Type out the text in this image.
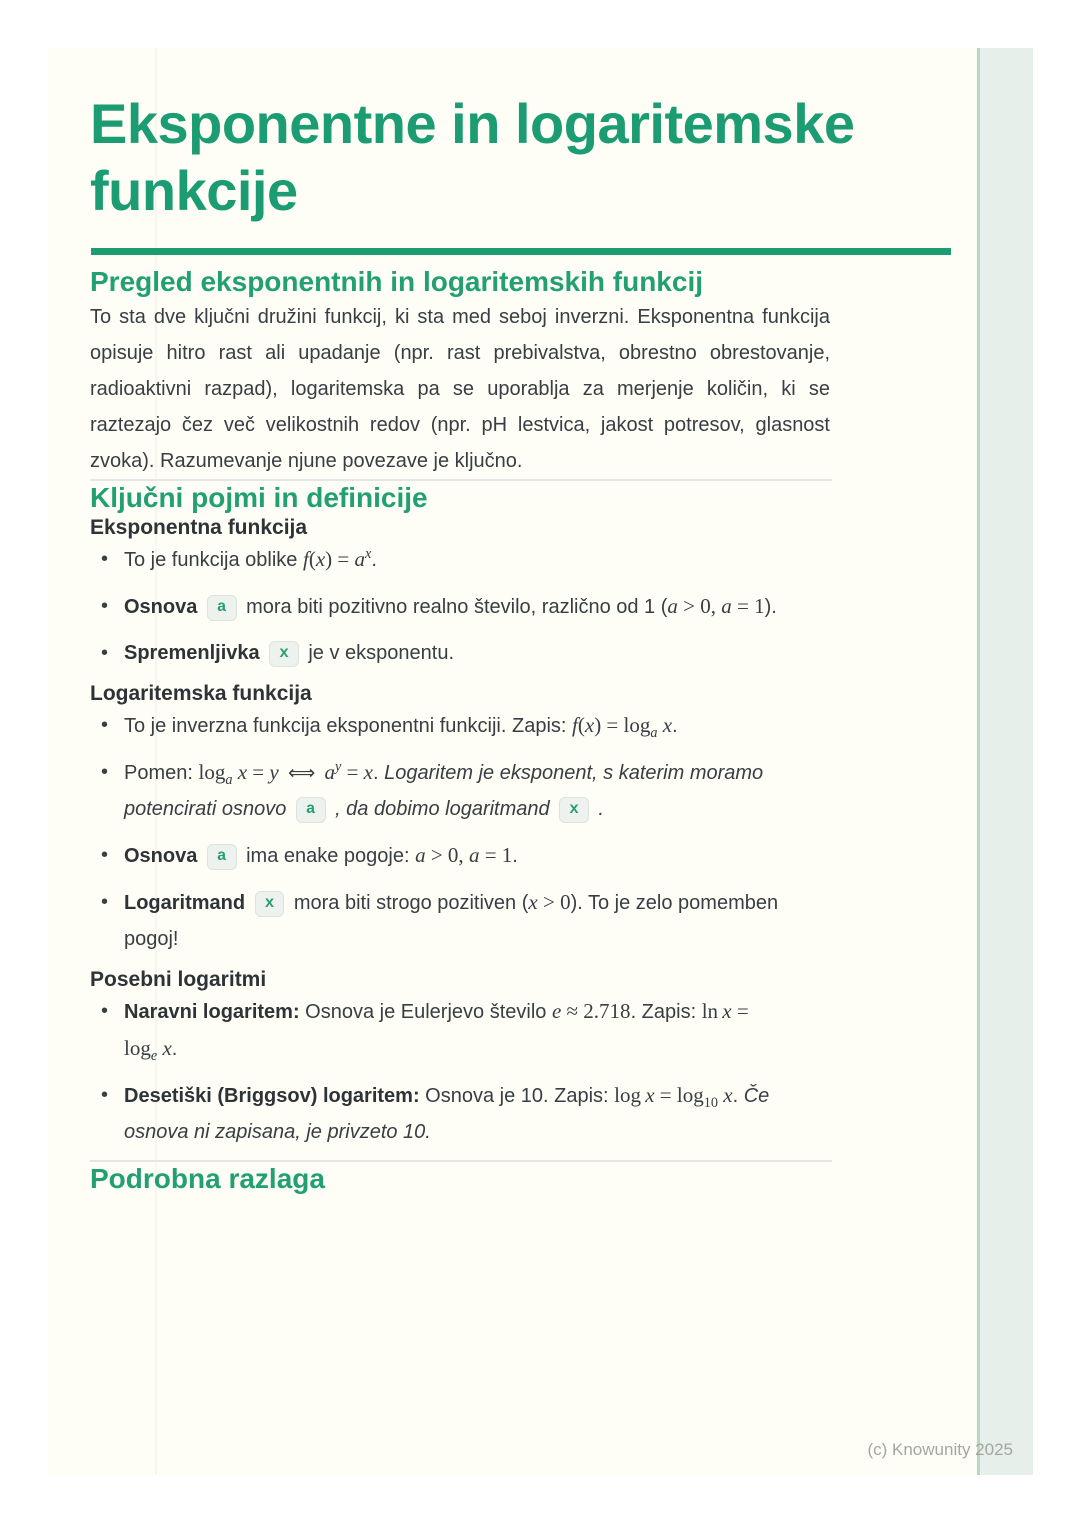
Eksponentne in logaritemske funkcije
Pregled eksponentnih in logaritemskih funkcij

To sta dve ključni družini funkcij, ki sta med seboj inverzni. Eksponentna funkcija opisuje hitro rast ali upadanje (npr. rast prebivalstva, obrestno obrestovanje, radioaktivni razpad), logaritemska pa se uporablja za merjenje količin, ki se raztezajo čez več velikostnih redov (npr. pH lestvica, jakost potresov, glasnost zvoka). Razumevanje njune povezave je ključno.

Ključni pojmi in definicije
Eksponentna funkcija
• To je funkcija oblike $f(x) = a^x$.
• Osnova a mora biti pozitivno realno število, različno od 1 (a > 0, a = 1).
• Spremenljivka x je v eksponentu.
Logaritemska funkcija
• To je inverzna funkcija eksponentni funkciji. Zapis: $f(x) = \log_a x$.
• Pomen: $\log_a x = y$ ⟺ $a^y = x$. Logaritem je eksponent, s katerim moramo
potencirati osnovo a , da dobimo logaritmand x .
• Osnova a ima enake pogoje: a > 0, a = 1.
• Logaritmand x mora biti strogo pozitiven (x > 0). To je zelo pomemben
pogoj!
Posebni logaritmi
• Naravni logaritem: Osnova je Eulerjevo število e ≈ 2.718. Zapis: ln x =
$\log_e x$.
• Desetiški (Briggsov) logaritem: Osnova je 10. Zapis: $\log x = \log_{10} x$. Če
osnova ni zapisana, je privzeto 10.
Podrobna razlaga
(c) Knowunity 2025
